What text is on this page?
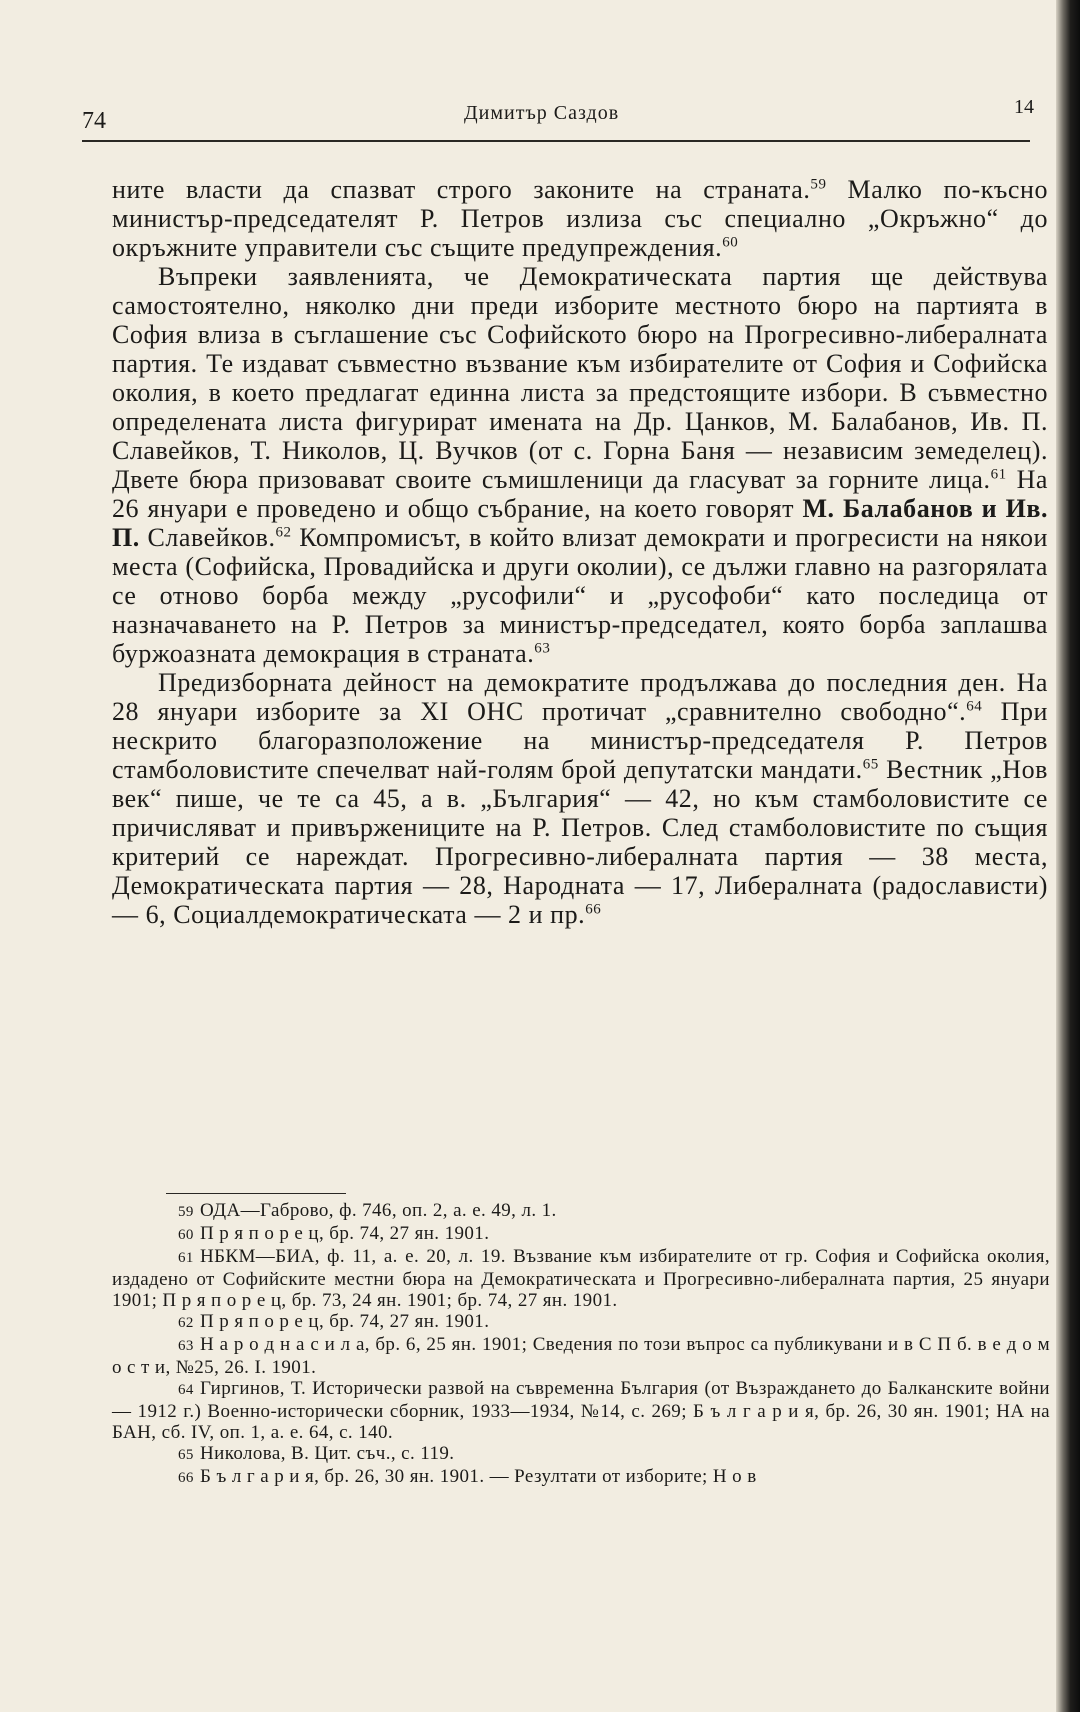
74	Димитър Саздов	14

ните власти да спазват строго законите на страната.$^{59}$ Малко по-късно министър-председателят Р. Петров излиза със специално „Окръжно“ до окръжните управители със същите предупреждения.$^{60}$

Въпреки заявленията, че Демократическата партия ще действува самостоятелно, няколко дни преди изборите местното бюро на партията в София влиза в съглашение със Софийското бюро на Прогресивно-либералната партия. Те издават съвместно възвание към избирателите от София и Софийска околия, в което предлагат единна листа за предстоящите избори. В съвместно определената листа фигурират имената на Др. Цанков, М. Балабанов, Ив. П. Славейков, Т. Николов, Ц. Вучков (от с. Горна Баня — независим земеделец). Двете бюра призовават своите съмишленици да гласуват за горните лица.$^{61}$ На 26 януари е проведено и общо събрание, на което говорят М. Балабанов и Ив. П. Славейков.$^{62}$ Компромисът, в който влизат демократи и прогресисти на някои места (Софийска, Провадийска и други околии), се дължи главно на разгорялата се отново борба между „русофили“ и „русофоби“ като последица от назначаването на Р. Петров за министър-председател, която борба заплашва буржоазната демокрация в страната.$^{63}$

Предизборната дейност на демократите продължава до последния ден. На 28 януари изборите за XI ОНС протичат „сравнително свободно“.$^{64}$ При нескрито благоразположение на министър-председателя Р. Петров стамболовистите спечелват най-голям брой депутатски мандати.$^{65}$ Вестник „Нов век“ пише, че те са 45, а в. „България“ — 42, но към стамболовистите се причисляват и привържениците на Р. Петров. След стамболовистите по същия критерий се нареждат. Прогресивно-либералната партия — 38 места, Демократическата партия — 28, Народната — 17, Либералната (радослависти) — 6, Социалдемократическата — 2 и пр.$^{66}$

59 ОДА—Габрово, ф. 746, оп. 2, а. е. 49, л. 1.

60 П р я п о р е ц, бр. 74, 27 ян. 1901.

61 НБКМ—БИА, ф. 11, а. е. 20, л. 19. Възвание към избирателите от гр. София и Софийска околия, издадено от Софийските местни бюра на Демократическата и Прогресивно-либералната партия, 25 януари 1901; П р я п о р е ц, бр. 73, 24 ян. 1901; бр. 74, 27 ян. 1901.

62 П р я п о р е ц, бр. 74, 27 ян. 1901.

63 Н а р о д н а с и л а, бр. 6, 25 ян. 1901; Сведения по този въпрос са публикувани и в С П б. в е д о м о с т и, №25, 26. I. 1901.

64 Гиргинов, Т. Исторически развой на съвременна България (от Възраждането до Балканските войни — 1912 г.) Военно-исторически сборник, 1933—1934, №14, с. 269; Б ъ л г а р и я, бр. 26, 30 ян. 1901; НА на БАН, сб. IV, оп. 1, а. е. 64, с. 140.

65 Николова, В. Цит. съч., с. 119.

66 Б ъ л г а р и я, бр. 26, 30 ян. 1901. — Резултати от изборите; Н о в
